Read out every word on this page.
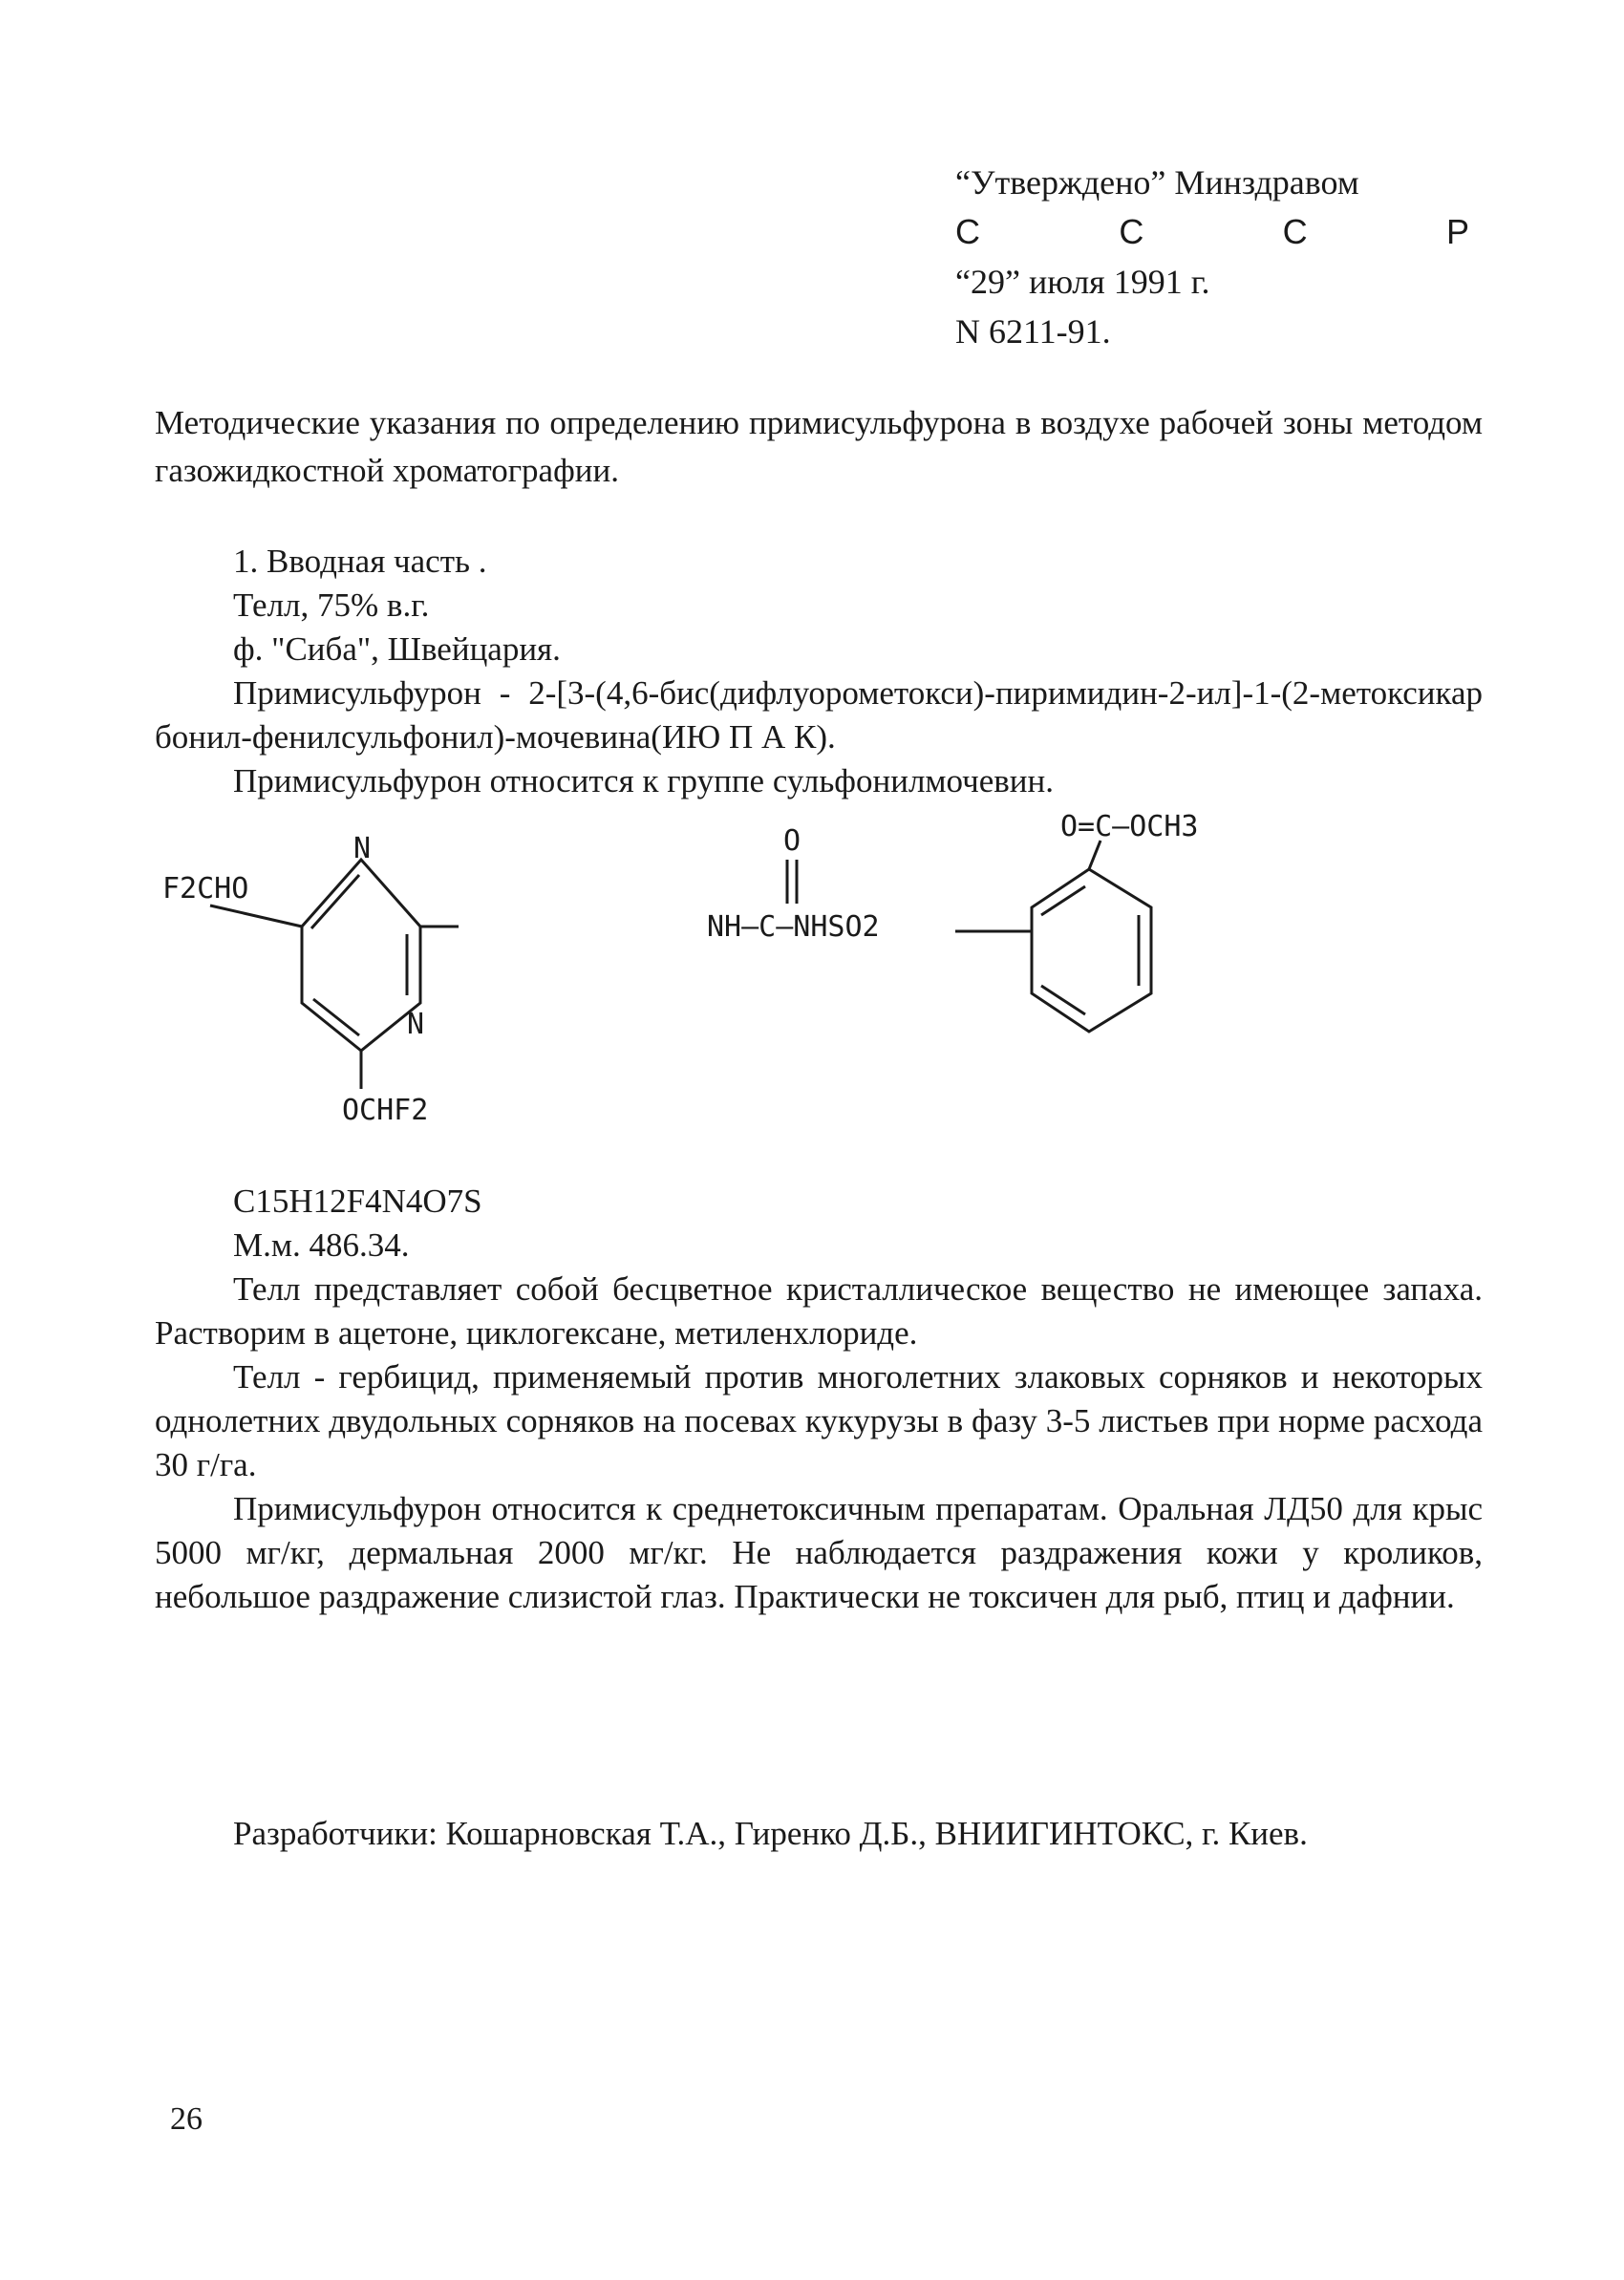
“Утверждено” Минздравом
С	С	С	Р
“29” июля 1991 г.
N 6211-91.
Методические указания по определению примисульфурона в воздухе рабочей зоны методом газожидкостной хроматографии.
1. Вводная часть .
Телл, 75% в.г.
ф. "Сиба", Швейцария.
Примисульфурон - 2-[3-(4,6-бис(дифлуорометокси)-пиримидин-2-ил]-1-(2-метоксикар бонил-фенилсульфонил)-мочевина(ИЮ П А К).
Примисульфурон относится к группе сульфонилмочевин.
F2CHO
N
N
OCHF2
O
NH–C–NHSO2
O=C–OCH3
C15H12F4N4O7S
М.м. 486.34.
Телл представляет собой бесцветное кристаллическое вещество не имеющее запаха. Растворим в ацетоне, циклогексане, метиленхлориде.
Телл - гербицид, применяемый против многолетних злаковых сорняков и некоторых однолетних двудольных сорняков на посевах кукурузы в фазу 3-5 листьев при норме расхода 30 г/га.
Примисульфурон относится к среднетоксичным препаратам. Оральная ЛД50 для крыс 5000 мг/кг, дермальная 2000 мг/кг. Не наблюдается раздражения кожи у кроликов, небольшое раздражение слизистой глаз. Практически не токсичен для рыб, птиц и дафнии.
Разработчики: Кошарновская Т.А., Гиренко Д.Б., ВНИИГИНТОКС, г. Киев.
26
